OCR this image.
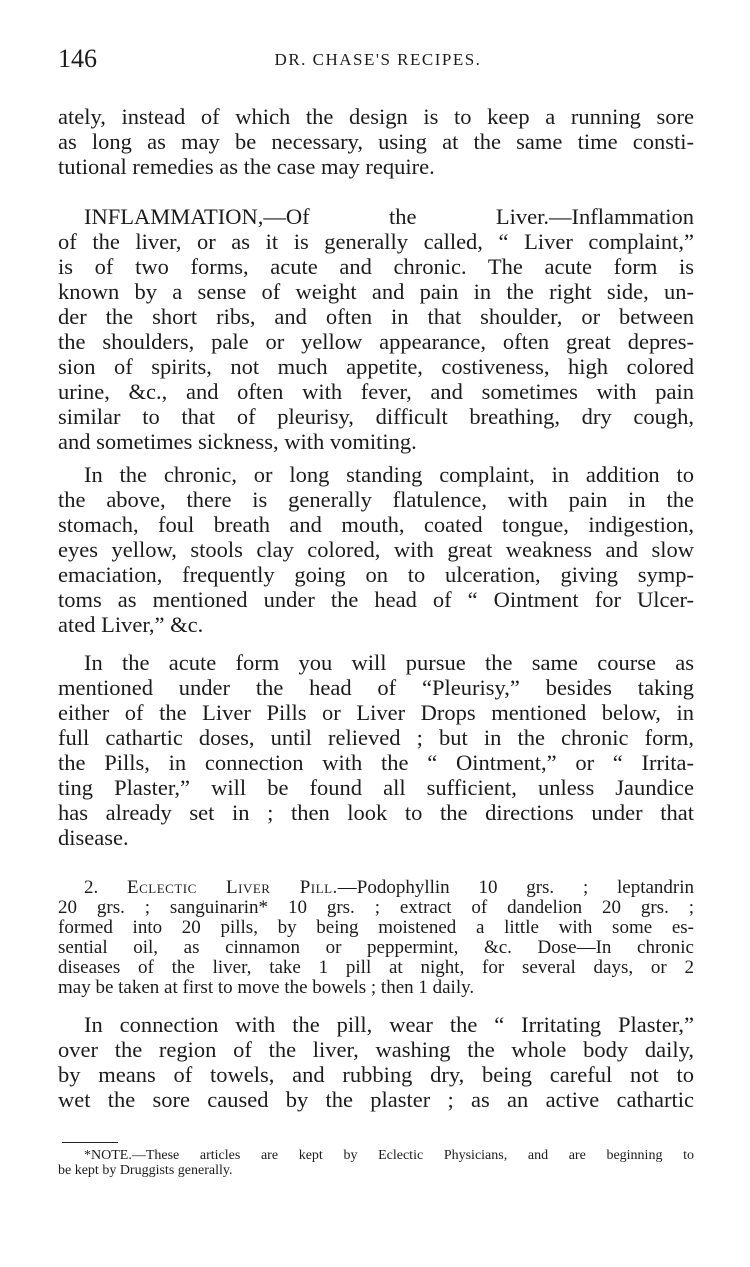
146	DR. CHASE'S RECIPES.
ately, instead of which the design is to keep a running sore
as long as may be necessary, using at the same time consti-
tutional remedies as the case may require.
INFLAMMATION,—Of the Liver.—Inflammation
of the liver, or as it is generally called, “ Liver complaint,”
is of two forms, acute and chronic. The acute form is
known by a sense of weight and pain in the right side, un-
der the short ribs, and often in that shoulder, or between
the shoulders, pale or yellow appearance, often great depres-
sion of spirits, not much appetite, costiveness, high colored
urine, &c., and often with fever, and sometimes with pain
similar to that of pleurisy, difficult breathing, dry cough,
and sometimes sickness, with vomiting.
In the chronic, or long standing complaint, in addition to
the above, there is generally flatulence, with pain in the
stomach, foul breath and mouth, coated tongue, indigestion,
eyes yellow, stools clay colored, with great weakness and slow
emaciation, frequently going on to ulceration, giving symp-
toms as mentioned under the head of “ Ointment for Ulcer-
ated Liver,” &c.
In the acute form you will pursue the same course as
mentioned under the head of “Pleurisy,” besides taking
either of the Liver Pills or Liver Drops mentioned below, in
full cathartic doses, until relieved ; but in the chronic form,
the Pills, in connection with the “ Ointment,” or “ Irrita-
ting Plaster,” will be found all sufficient, unless Jaundice
has already set in ; then look to the directions under that
disease.
2. Eclectic Liver Pill.—Podophyllin 10 grs. ; leptandrin
20 grs. ; sanguinarin* 10 grs. ; extract of dandelion 20 grs. ;
formed into 20 pills, by being moistened a little with some es-
sential oil, as cinnamon or peppermint, &c. Dose—In chronic
diseases of the liver, take 1 pill at night, for several days, or 2
may be taken at first to move the bowels ; then 1 daily.
In connection with the pill, wear the “ Irritating Plaster,”
over the region of the liver, washing the whole body daily,
by means of towels, and rubbing dry, being careful not to
wet the sore caused by the plaster ; as an active cathartic
*NOTE.—These articles are kept by Eclectic Physicians, and are beginning to
be kept by Druggists generally.
